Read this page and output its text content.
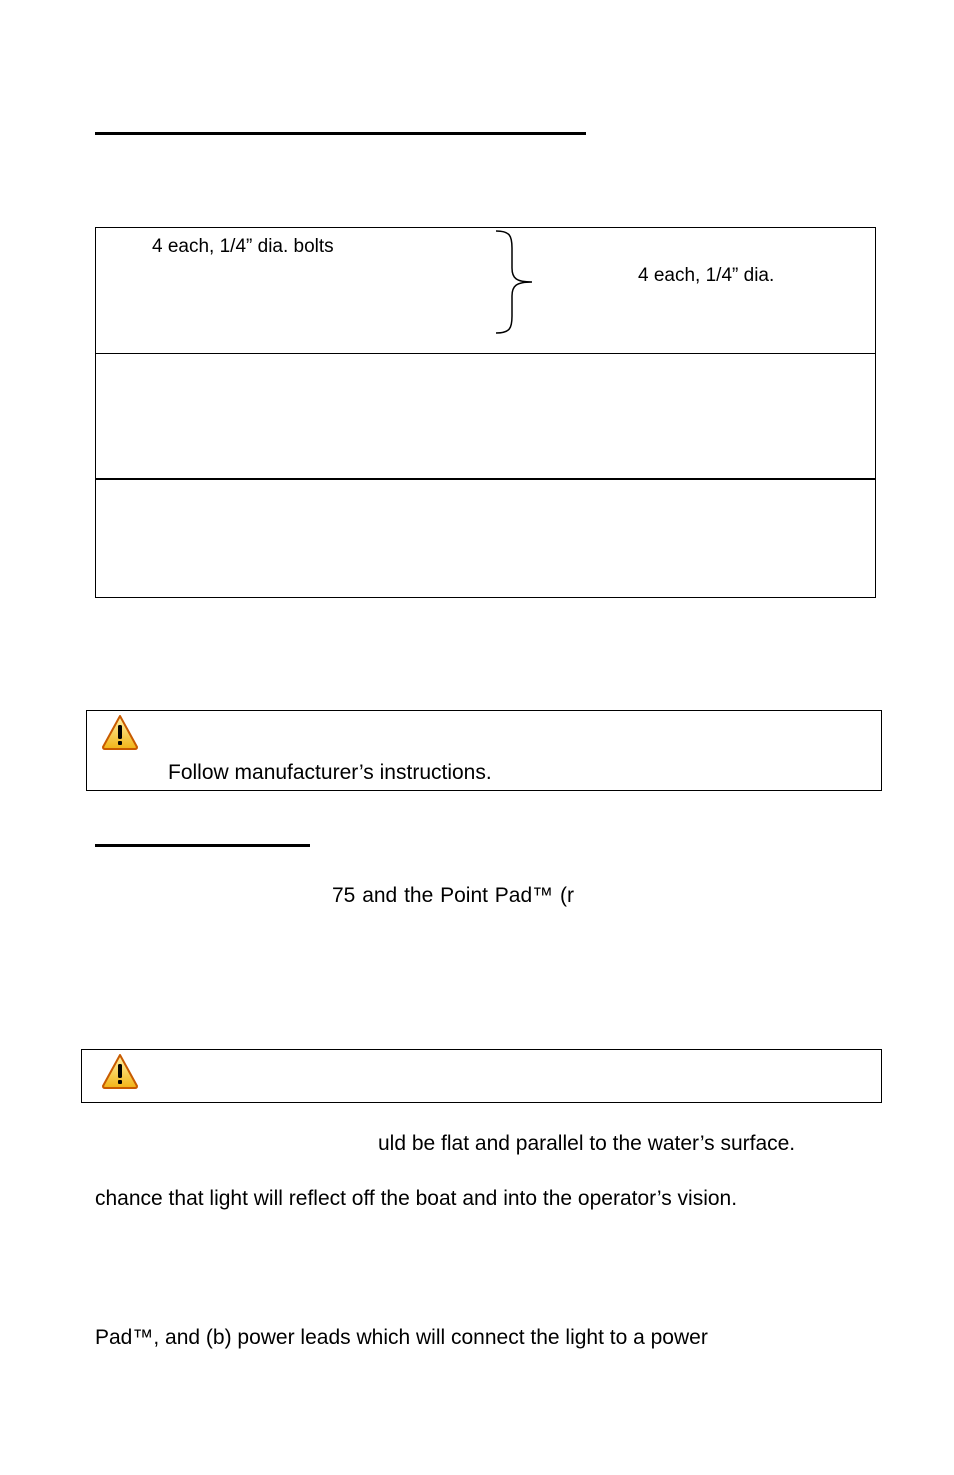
4 each, 1/4” dia. bolts
4 each, 1/4” dia.
Follow manufacturer’s instructions.
75 and the Point Pad™ (r
uld be flat and parallel to the water’s surface.
chance that light will reflect off the boat and into the operator’s vision.
Pad™, and (b) power leads which will connect the light to a power
